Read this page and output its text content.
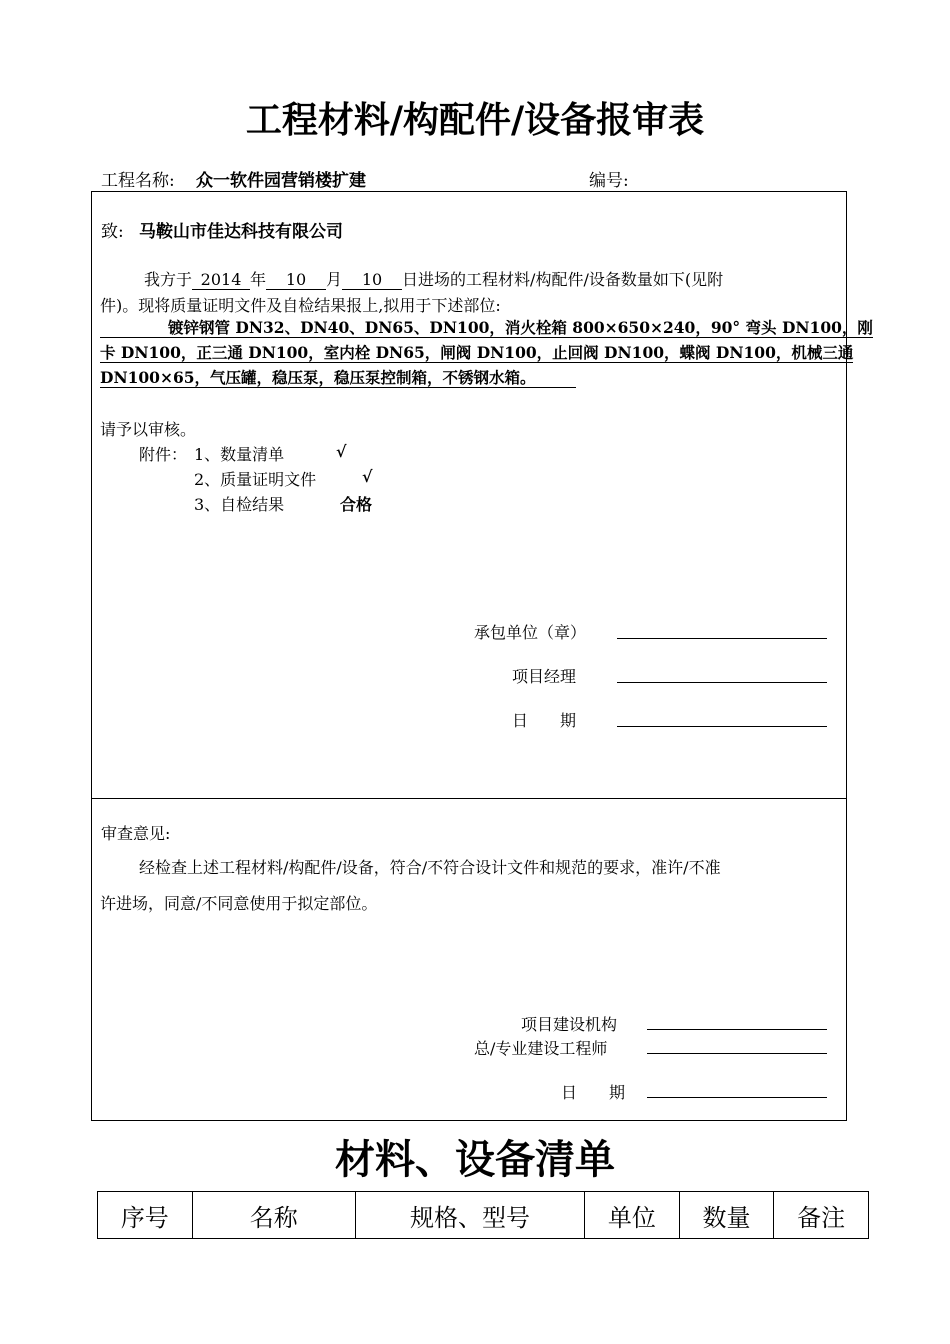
工程材料/构配件/设备报审表
工程名称: 众一软件园营销楼扩建	编号:
致: 马鞍山市佳达科技有限公司
我方于 2014 年 10 月 10 日进场的工程材料/构配件/设备数量如下(见附
件)。现将质量证明文件及自检结果报上,拟用于下述部位:
镀锌钢管 DN32、DN40、DN65、DN100，消火栓箱 800×650×240，90° 弯头 DN100，刚
卡 DN100，正三通 DN100，室内栓 DN65，闸阀 DN100，止回阀 DN100，蝶阀 DN100，机械三通
DN100×65，气压罐，稳压泵，稳压泵控制箱，不锈钢水箱。
请予以审核。
附件： 1、数量清单	√
2、质量证明文件	√
3、自检结果	合格
承包单位（章）
项目经理
日　　期
审查意见:
经检查上述工程材料/构配件/设备，符合/不符合设计文件和规范的要求，准许/不准
许进场，同意/不同意使用于拟定部位。
项目建设机构
总/专业建设工程师
日　　期
材料、设备清单
序号	名称	规格、型号	单位	数量	备注
